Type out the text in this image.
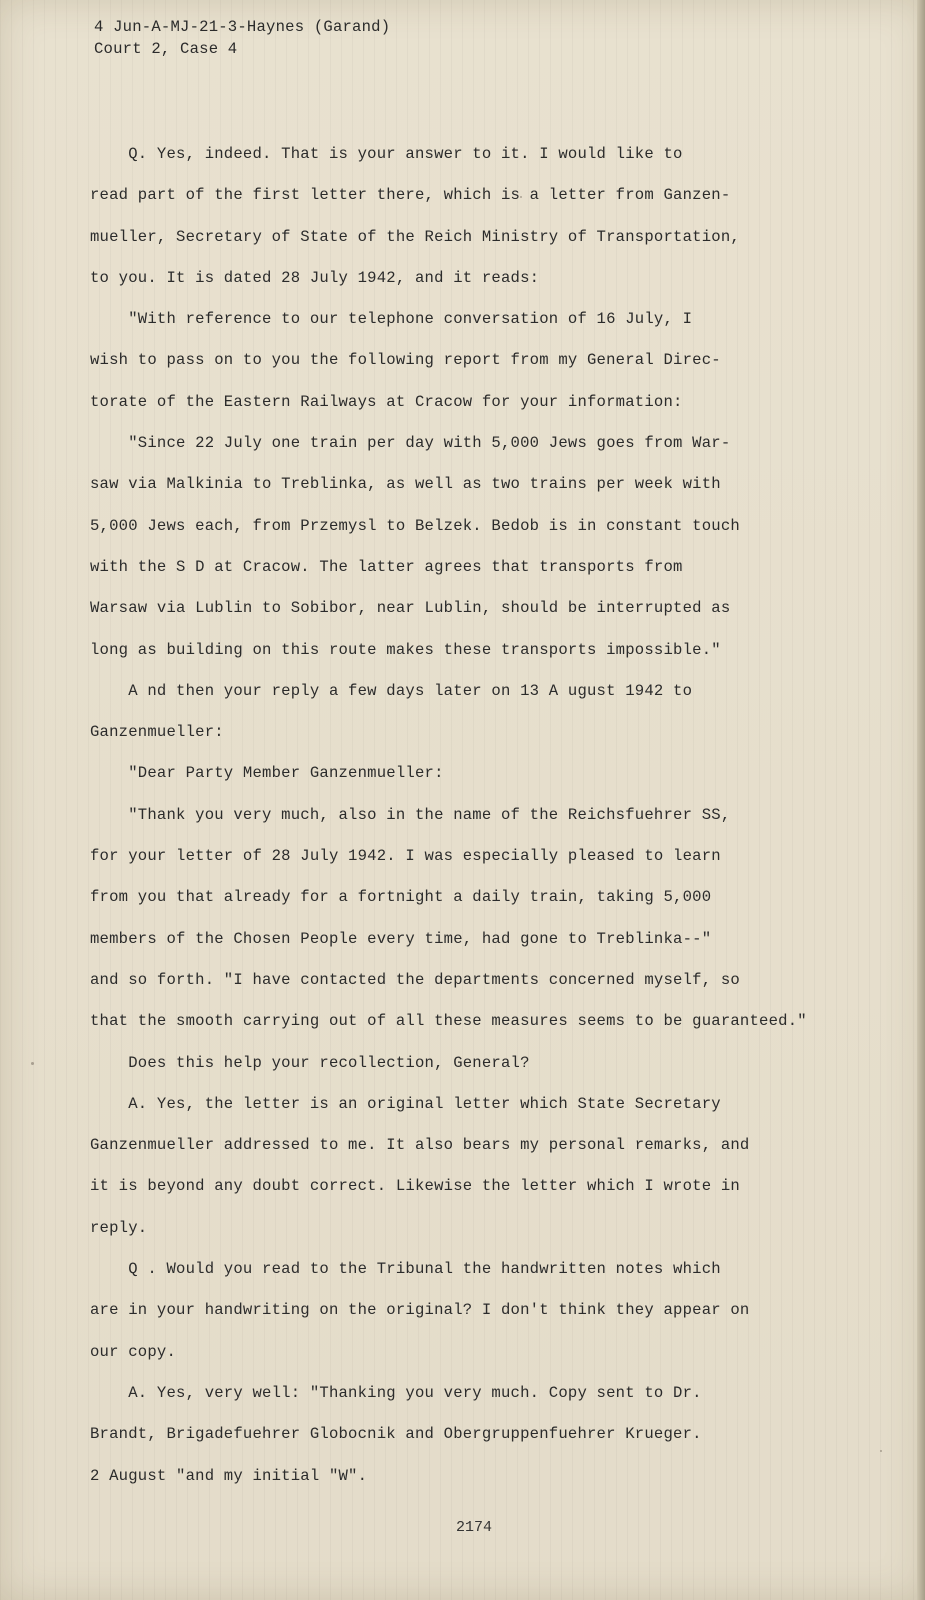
4 Jun-A-MJ-21-3-Haynes (Garand)
Court 2, Case 4
Q. Yes, indeed. That is your answer to it. I would like to
read part of the first letter there, which is a letter from Ganzen-
mueller, Secretary of State of the Reich Ministry of Transportation,
to you. It is dated 28 July 1942, and it reads:
"With reference to our telephone conversation of 16 July, I
wish to pass on to you the following report from my General Direc-
torate of the Eastern Railways at Cracow for your information:
"Since 22 July one train per day with 5,000 Jews goes from War-
saw via Malkinia to Treblinka, as well as two trains per week with
5,000 Jews each, from Przemysl to Belzek. Bedob is in constant touch
with the S D at Cracow. The latter agrees that transports from
Warsaw via Lublin to Sobibor, near Lublin, should be interrupted as
long as building on this route makes these transports impossible."
A nd then your reply a few days later on 13 A ugust 1942 to
Ganzenmueller:
"Dear Party Member Ganzenmueller:
"Thank you very much, also in the name of the Reichsfuehrer SS,
for your letter of 28 July 1942. I was especially pleased to learn
from you that already for a fortnight a daily train, taking 5,000
members of the Chosen People every time, had gone to Treblinka--"
and so forth. "I have contacted the departments concerned myself, so
that the smooth carrying out of all these measures seems to be guaranteed."
Does this help your recollection, General?
A. Yes, the letter is an original letter which State Secretary
Ganzenmueller addressed to me. It also bears my personal remarks, and
it is beyond any doubt correct. Likewise the letter which I wrote in
reply.
Q . Would you read to the Tribunal the handwritten notes which
are in your handwriting on the original? I don't think they appear on
our copy.
A. Yes, very well: "Thanking you very much. Copy sent to Dr.
Brandt, Brigadefuehrer Globocnik and Obergruppenfuehrer Krueger.
2 August "and my initial "W".
2174
